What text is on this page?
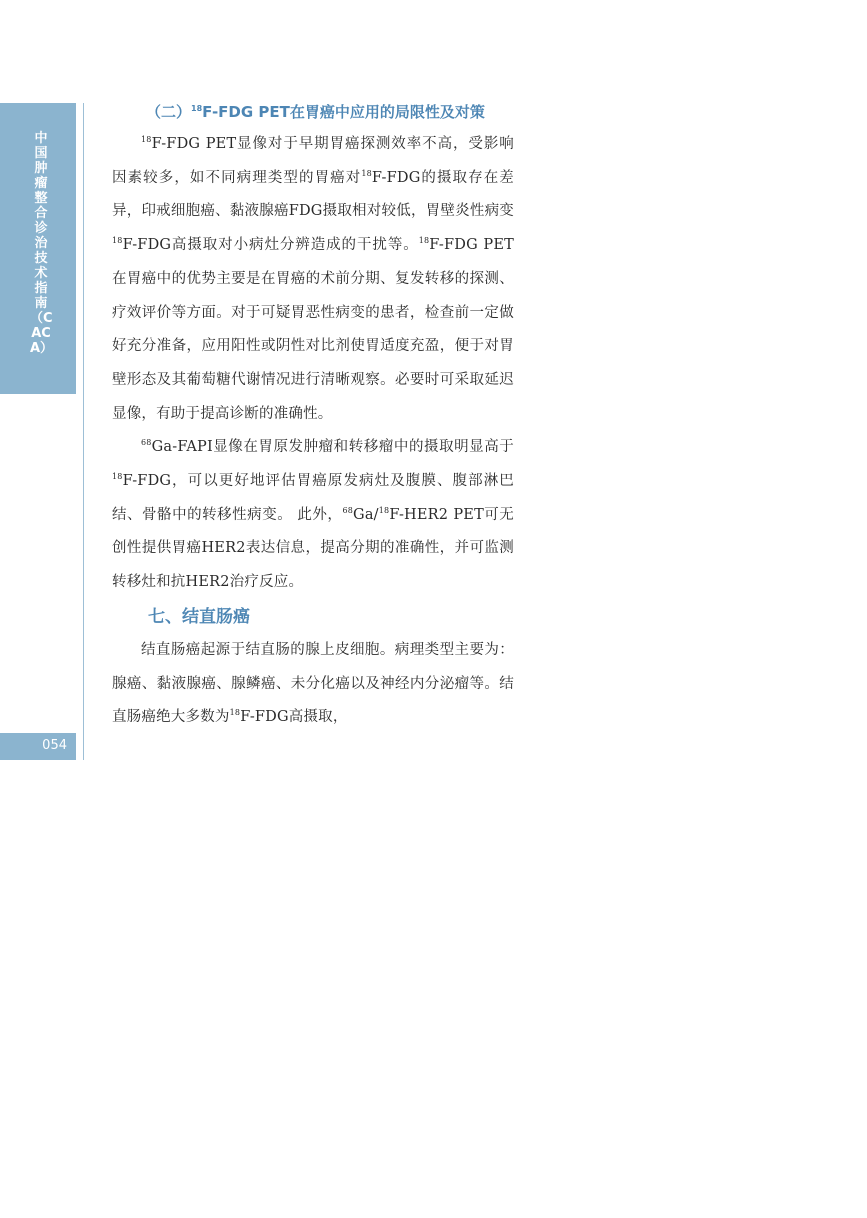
中国肿瘤整合诊治技术指南（CACA）
054
（二）$^{18}$F-FDG PET在胃癌中应用的局限性及对策

$^{18}$F-FDG PET显像对于早期胃癌探测效率不高，受影响因素较多，如不同病理类型的胃癌对$^{18}$F-FDG的摄取存在差异，印戒细胞癌、黏液腺癌FDG摄取相对较低，胃壁炎性病变$^{18}$F-FDG高摄取对小病灶分辨造成的干扰等。$^{18}$F-FDG PET在胃癌中的优势主要是在胃癌的术前分期、复发转移的探测、疗效评价等方面。对于可疑胃恶性病变的患者，检查前一定做好充分准备，应用阳性或阴性对比剂使胃适度充盈，便于对胃壁形态及其葡萄糖代谢情况进行清晰观察。必要时可采取延迟显像，有助于提高诊断的准确性。

$^{68}$Ga-FAPI显像在胃原发肿瘤和转移瘤中的摄取明显高于$^{18}$F-FDG，可以更好地评估胃癌原发病灶及腹膜、腹部淋巴结、骨骼中的转移性病变。 此外，$^{68}$Ga/$^{18}$F-HER2 PET可无创性提供胃癌HER2表达信息，提高分期的准确性，并可监测转移灶和抗HER2治疗反应。

七、结直肠癌

结直肠癌起源于结直肠的腺上皮细胞。病理类型主要为：腺癌、黏液腺癌、腺鳞癌、未分化癌以及神经内分泌瘤等。结直肠癌绝大多数为$^{18}$F-FDG高摄取，
